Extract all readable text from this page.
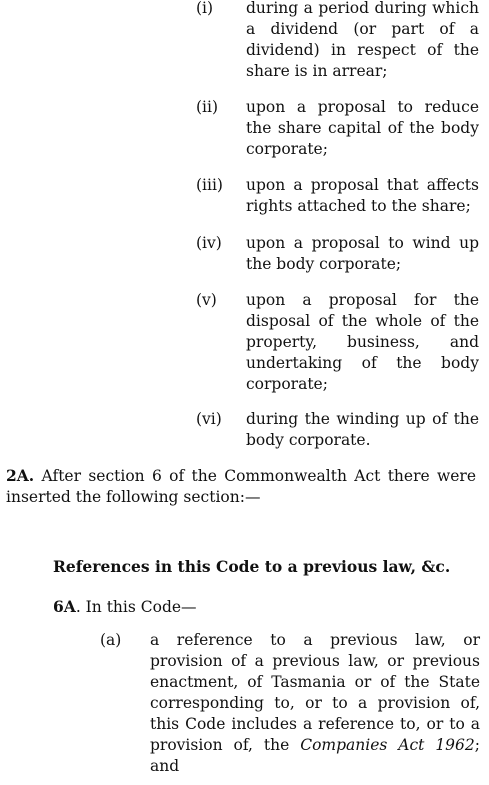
(i) during a period during which a dividend (or part of a dividend) in respect of the share is in arrear;
(ii) upon a proposal to reduce the share capital of the body corporate;
(iii) upon a proposal that affects rights attached to the share;
(iv) upon a proposal to wind up the body corporate;
(v) upon a proposal for the disposal of the whole of the property, business, and undertaking of the body corporate;
(vi) during the winding up of the body corporate.
2A. After section 6 of the Commonwealth Act there were inserted the following section:—
References in this Code to a previous law, &c.
6A. In this Code—
(a) a reference to a previous law, or provision of a previous law, or previous enactment, of Tasmania or of the State corresponding to, or to a provision of, this Code includes a reference to, or to a provision of, the Companies Act 1962; and
